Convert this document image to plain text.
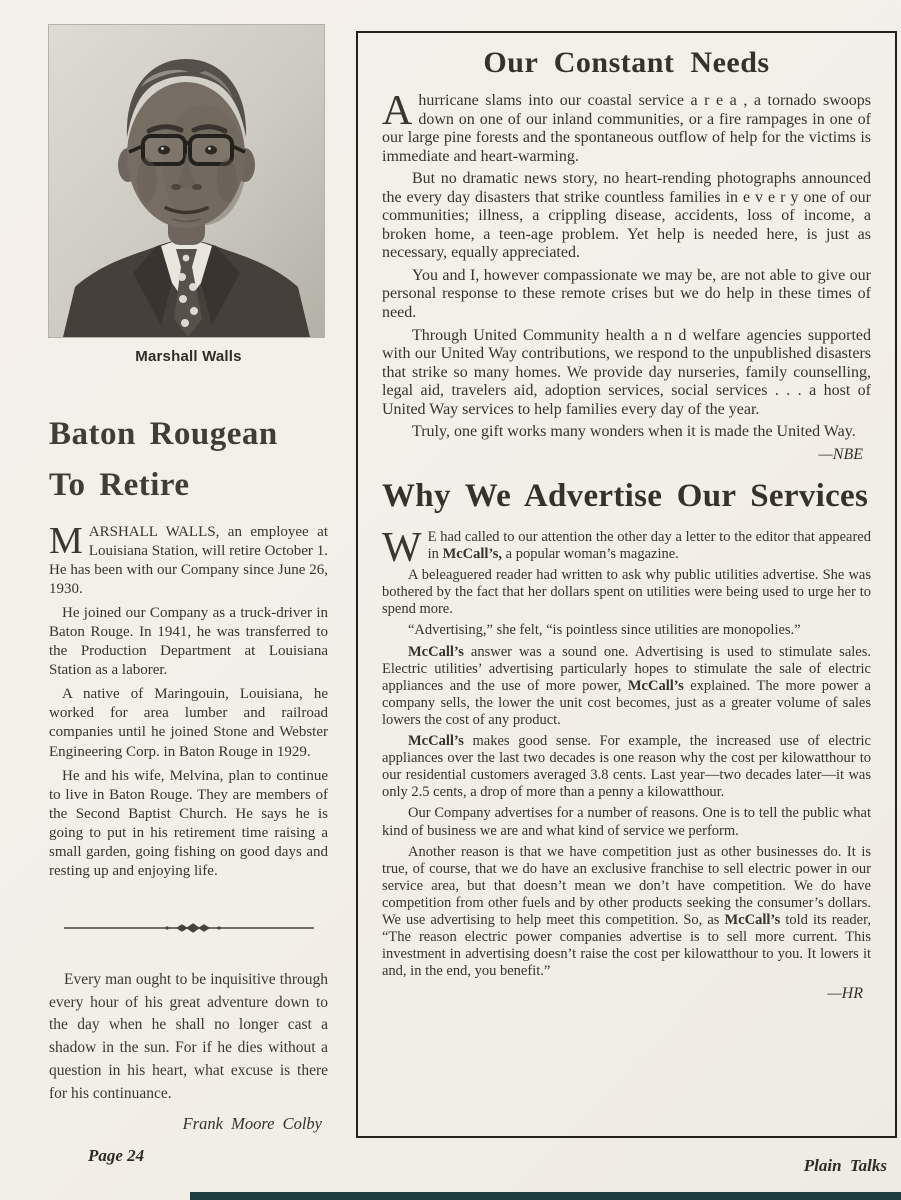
Marshall Walls
Baton Rougean
To Retire

MARSHALL WALLS, an employee at Louisiana Station, will retire October 1. He has been with our Company since June 26, 1930.

He joined our Company as a truck-driver in Baton Rouge. In 1941, he was transferred to the Production Department at Louisiana Station as a laborer.

A native of Maringouin, Louisiana, he worked for area lumber and railroad companies until he joined Stone and Webster Engineering Corp. in Baton Rouge in 1929.

He and his wife, Melvina, plan to continue to live in Baton Rouge. They are members of the Second Baptist Church. He says he is going to put in his retirement time raising a small garden, going fishing on good days and resting up and enjoying life.

Every man ought to be inquisitive through every hour of his great adventure down to the day when he shall no longer cast a shadow in the sun. For if he dies without a question in his heart, what excuse is there for his continuance.

Frank Moore Colby
Our Constant Needs

Ahurricane slams into our coastal service a r e a , a tornado swoops down on one of our inland communities, or a fire rampages in one of our large pine forests and the spontaneous outflow of help for the victims is immediate and heart-warming.

But no dramatic news story, no heart-rending photographs announced the every day disasters that strike countless families in e v e r y one of our communities; illness, a crippling disease, accidents, loss of income, a broken home, a teen-age problem. Yet help is needed here, is just as necessary, equally appreciated.

You and I, however compassionate we may be, are not able to give our personal response to these remote crises but we do help in these times of need.

Through United Community health a n d welfare agencies supported with our United Way contributions, we respond to the unpublished disasters that strike so many homes. We provide day nurseries, family counselling, legal aid, travelers aid, adoption services, social services . . . a host of United Way services to help families every day of the year.

Truly, one gift works many wonders when it is made the United Way.

—NBE
Why We Advertise Our Services

W E had called to our attention the other day a letter to the editor that appeared in McCall’s, a popular woman’s magazine.

A beleaguered reader had written to ask why public utilities advertise. She was bothered by the fact that her dollars spent on utilities were being used to urge her to spend more.

“Advertising,” she felt, “is pointless since utilities are monopolies.”

McCall’s answer was a sound one. Advertising is used to stimulate sales. Electric utilities’ advertising particularly hopes to stimulate the sale of electric appliances and the use of more power, McCall’s explained. The more power a company sells, the lower the unit cost becomes, just as a greater volume of sales lowers the cost of any product.

McCall’s makes good sense. For example, the increased use of electric appliances over the last two decades is one reason why the cost per kilowatthour to our residential customers averaged 3.8 cents. Last year—two decades later—it was only 2.5 cents, a drop of more than a penny a kilowatthour.

Our Company advertises for a number of reasons. One is to tell the public what kind of business we are and what kind of service we perform.

Another reason is that we have competition just as other businesses do. It is true, of course, that we do have an exclusive franchise to sell electric power in our service area, but that doesn’t mean we don’t have competition. We do have competition from other fuels and by other products seeking the consumer’s dollars. We use advertising to help meet this competition. So, as McCall’s told its reader, “The reason electric power companies advertise is to sell more current. This investment in advertising doesn’t raise the cost per kilowatthour to you. It lowers it and, in the end, you benefit.”

—HR
Page 24
Plain Talks
